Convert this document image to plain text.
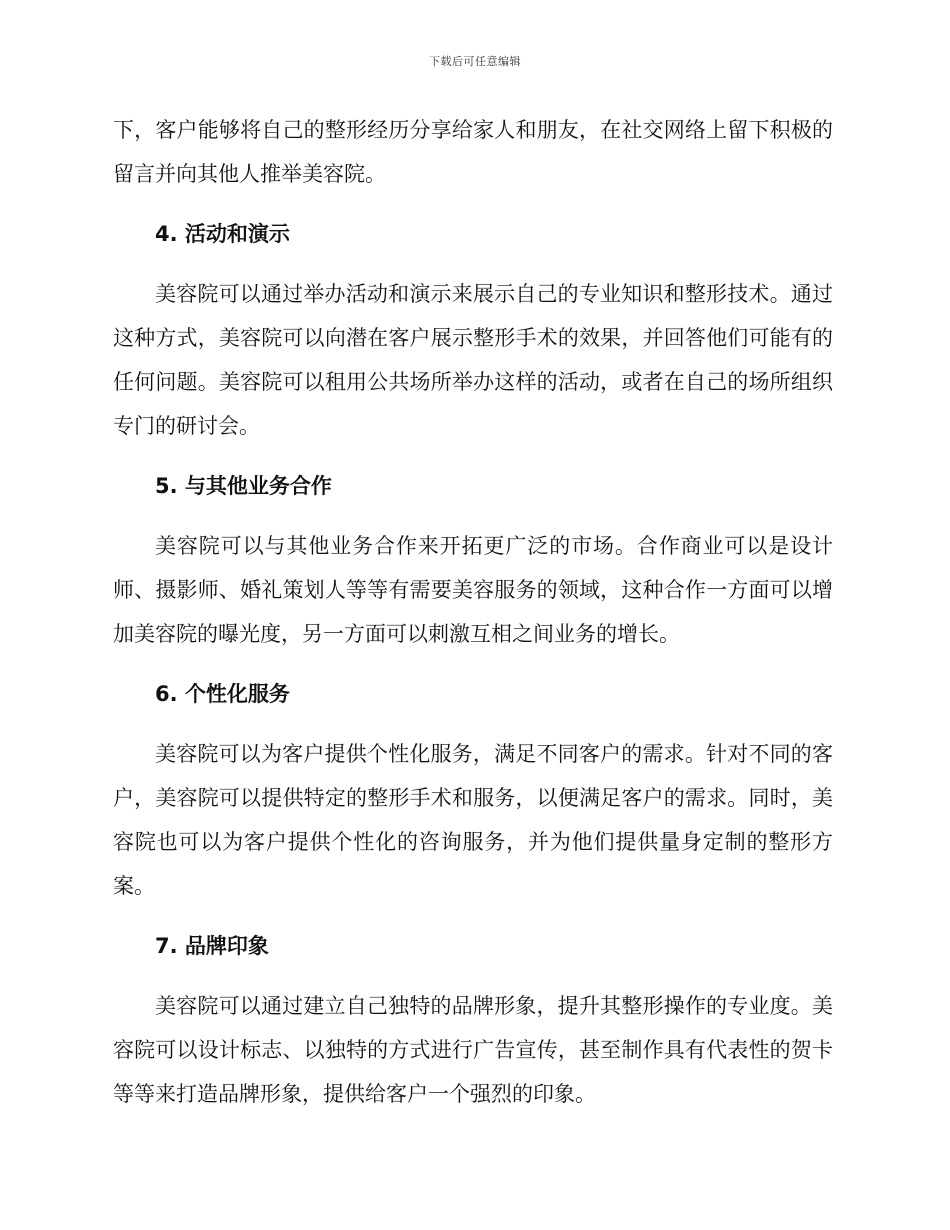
下载后可任意编辑

下，客户能够将自己的整形经历分享给家人和朋友，在社交网络上留下积极的留言并向其他人推举美容院。

4. 活动和演示

美容院可以通过举办活动和演示来展示自己的专业知识和整形技术。通过这种方式，美容院可以向潜在客户展示整形手术的效果，并回答他们可能有的任何问题。美容院可以租用公共场所举办这样的活动，或者在自己的场所组织专门的研讨会。

5. 与其他业务合作

美容院可以与其他业务合作来开拓更广泛的市场。合作商业可以是设计师、摄影师、婚礼策划人等等有需要美容服务的领域，这种合作一方面可以增加美容院的曝光度，另一方面可以刺激互相之间业务的增长。

6. 个性化服务

美容院可以为客户提供个性化服务，满足不同客户的需求。针对不同的客户，美容院可以提供特定的整形手术和服务，以便满足客户的需求。同时，美容院也可以为客户提供个性化的咨询服务，并为他们提供量身定制的整形方案。

7. 品牌印象

美容院可以通过建立自己独特的品牌形象，提升其整形操作的专业度。美容院可以设计标志、以独特的方式进行广告宣传，甚至制作具有代表性的贺卡等等来打造品牌形象，提供给客户一个强烈的印象。
